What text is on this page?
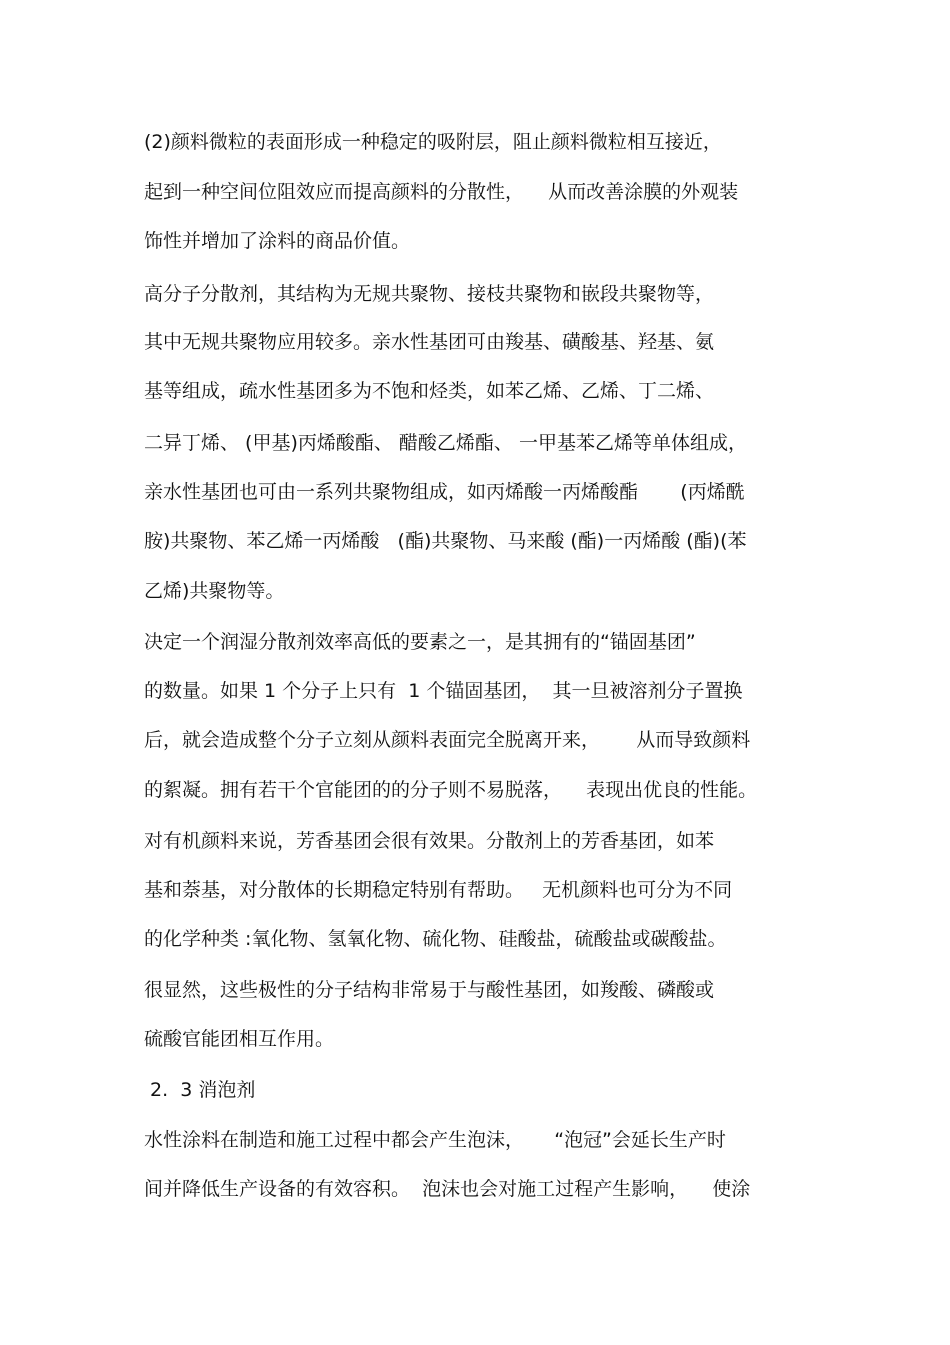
(2)颜料微粒的表面形成一种稳定的吸附层，阻止颜料微粒相互接近，
起到一种空间位阻效应而提高颜料的分散性，    从而改善涂膜的外观装
饰性并增加了涂料的商品价值。
高分子分散剂，其结构为无规共聚物、接枝共聚物和嵌段共聚物等，
其中无规共聚物应用较多。亲水性基团可由羧基、磺酸基、羟基、氨
基等组成，疏水性基团多为不饱和烃类，如苯乙烯、乙烯、丁二烯、
二异丁烯、 (甲基)丙烯酸酯、 醋酸乙烯酯、 一甲基苯乙烯等单体组成，
亲水性基团也可由一系列共聚物组成，如丙烯酸一丙烯酸酯       (丙烯酰
胺)共聚物、苯乙烯一丙烯酸   (酯)共聚物、马来酸 (酯)一丙烯酸 (酯)(苯
乙烯)共聚物等。
决定一个润湿分散剂效率高低的要素之一，是其拥有的“锚固基团”
的数量。如果 1 个分子上只有  1 个锚固基团，  其一旦被溶剂分子置换
后，就会造成整个分子立刻从颜料表面完全脱离开来，      从而导致颜料
的絮凝。拥有若干个官能团的的分子则不易脱落，    表现出优良的性能。
对有机颜料来说，芳香基团会很有效果。分散剂上的芳香基团，如苯
基和萘基，对分散体的长期稳定特别有帮助。   无机颜料也可分为不同
的化学种类 :氧化物、氢氧化物、硫化物、硅酸盐，硫酸盐或碳酸盐。
很显然，这些极性的分子结构非常易于与酸性基团，如羧酸、磷酸或
硫酸官能团相互作用。
2.  3 消泡剂
水性涂料在制造和施工过程中都会产生泡沫，     “泡冠”会延长生产时
间并降低生产设备的有效容积。  泡沫也会对施工过程产生影响，    使涂
